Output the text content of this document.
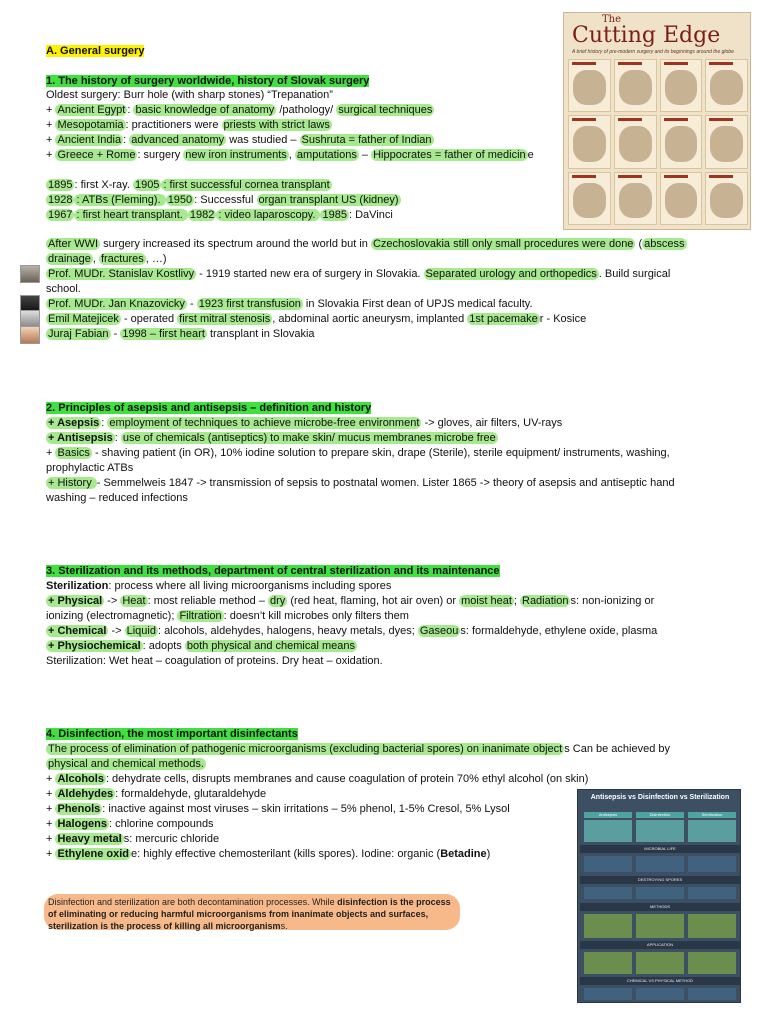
A. General surgery
1. The history of surgery worldwide, history of Slovak surgery
Oldest surgery: Burr hole (with sharp stones) “Trepanation”
+ Ancient Egypt : basic knowledge of anatomy /pathology/ surgical techniques
+ Mesopotamia : practitioners were priests with strict laws
+ Ancient India : advanced anatomy was studied – Sushruta = father of Indian
+ Greece + Rome : surgery new iron instruments , amputations – Hippocrates = father of medicin e
1895 : first X-ray. 1905 : first successful cornea transplant
1928 : ATBs (Fleming). 1950 : Successful organ transplant US (kidney)
1967 : first heart transplant. 1982 : video laparoscopy. 1985 : DaVinci
After WWI surgery increased its spectrum around the world but in Czechoslovakia still only small procedures were done ( abscess
drainage , fractures , …)
Prof. MUDr. Stanislav Kostlivy - 1919 started new era of surgery in Slovakia. Separated urology and orthopedics . Build surgical
school.
Prof. MUDr. Jan Knazovicky - 1923 first transfusion in Slovakia First dean of UPJS medical faculty.
Emil Matejicek - operated first mitral stenosis , abdominal aortic aneurysm, implanted 1st pacemake r - Kosice
Juraj Fabian - 1998 – first heart transplant in Slovakia
2. Principles of asepsis and antisepsis – definition and history
+ Asepsis : employment of techniques to achieve microbe-free environment -> gloves, air filters, UV-rays
+ Antisepsis : use of chemicals (antiseptics) to make skin/ mucus membranes microbe free
+ Basics - shaving patient (in OR), 10% iodine solution to prepare skin, drape (Sterile), sterile equipment/ instruments, washing,
prophylactic ATBs
+ History - Semmelweis 1847 -> transmission of sepsis to postnatal women. Lister 1865 -> theory of asepsis and antiseptic hand
washing – reduced infections
3. Sterilization and its methods, department of central sterilization and its maintenance
Sterilization: process where all living microorganisms including spores
+ Physical -> Heat : most reliable method – dry (red heat, flaming, hot air oven) or moist heat ; Radiation s: non-ionizing or
ionizing (electromagnetic); Filtration : doesn’t kill microbes only filters them
+ Chemical -> Liquid : alcohols, aldehydes, halogens, heavy metals, dyes; Gaseou s: formaldehyde, ethylene oxide, plasma
+ Physiochemical : adopts both physical and chemical means
Sterilization: Wet heat – coagulation of proteins. Dry heat – oxidation.
4. Disinfection, the most important disinfectants
The process of elimination of pathogenic microorganisms (excluding bacterial spores) on inanimate object s Can be achieved by
physical and chemical methods.
+ Alcohols : dehydrate cells, disrupts membranes and cause coagulation of protein 70% ethyl alcohol (on skin)
+ Aldehydes : formaldehyde, glutaraldehyde
+ Phenols : inactive against most viruses – skin irritations – 5% phenol, 1-5% Cresol, 5% Lysol
+ Halogens : chlorine compounds
+ Heavy metal s: mercuric chloride
+ Ethylene oxid e: highly effective chemosterilant (kills spores). Iodine: organic (Betadine)
Disinfection and sterilization are both decontamination processes. While disinfection is the process of eliminating or reducing harmful microorganisms from inanimate objects and surfaces, sterilization is the process of killing all microorganisms.
The
Cutting Edge
A brief history of pre-modern surgery and its beginnings around the globe
Antisepsis vs Disinfection vs Sterilization
Antisepsis	Disinfection	Sterilization
MICROBIAL LIFE
DESTROYING SPORES
METHODS
APPLICATION
CHEMICAL VS PHYSICAL METHOD
